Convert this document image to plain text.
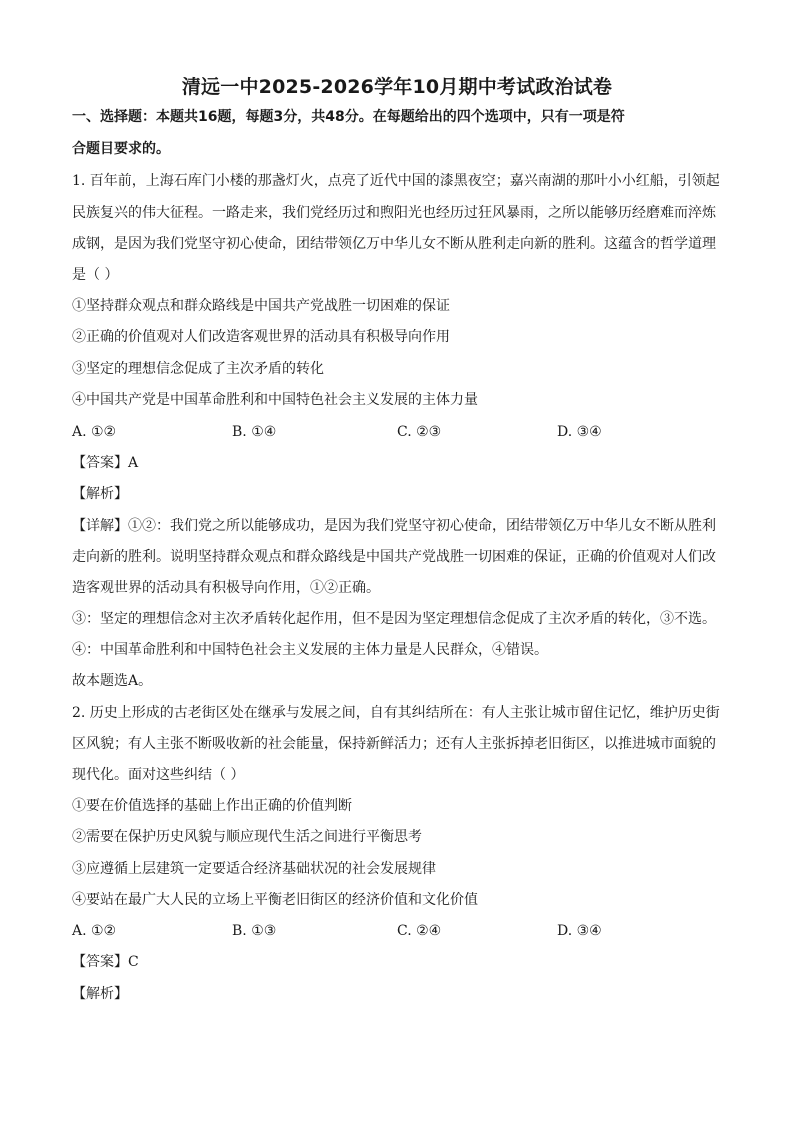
清远一中2025-2026学年10月期中考试政治试卷
一、选择题：本题共16题，每题3分，共48分。在每题给出的四个选项中，只有一项是符
合题目要求的。
1. 百年前，上海石库门小楼的那盏灯火，点亮了近代中国的漆黑夜空；嘉兴南湖的那叶小小红船，引领起
民族复兴的伟大征程。一路走来，我们党经历过和煦阳光也经历过狂风暴雨，之所以能够历经磨难而淬炼
成钢，是因为我们党坚守初心使命，团结带领亿万中华儿女不断从胜利走向新的胜利。这蕴含的哲学道理
是（ ）
①坚持群众观点和群众路线是中国共产党战胜一切困难的保证
②正确的价值观对人们改造客观世界的活动具有积极导向作用
③坚定的理想信念促成了主次矛盾的转化
④中国共产党是中国革命胜利和中国特色社会主义发展的主体力量
A. ①②	B. ①④	C. ②③	D. ③④
【答案】A
【解析】
【详解】①②：我们党之所以能够成功，是因为我们党坚守初心使命，团结带领亿万中华儿女不断从胜利
走向新的胜利。说明坚持群众观点和群众路线是中国共产党战胜一切困难的保证，正确的价值观对人们改
造客观世界的活动具有积极导向作用，①②正确。
③：坚定的理想信念对主次矛盾转化起作用，但不是因为坚定理想信念促成了主次矛盾的转化，③不选。
④：中国革命胜利和中国特色社会主义发展的主体力量是人民群众，④错误。
故本题选A。
2. 历史上形成的古老街区处在继承与发展之间，自有其纠结所在：有人主张让城市留住记忆，维护历史街
区风貌；有人主张不断吸收新的社会能量，保持新鲜活力；还有人主张拆掉老旧街区，以推进城市面貌的
现代化。面对这些纠结（ ）
①要在价值选择的基础上作出正确的价值判断
②需要在保护历史风貌与顺应现代生活之间进行平衡思考
③应遵循上层建筑一定要适合经济基础状况的社会发展规律
④要站在最广大人民的立场上平衡老旧街区的经济价值和文化价值
A. ①②	B. ①③	C. ②④	D. ③④
【答案】C
【解析】
